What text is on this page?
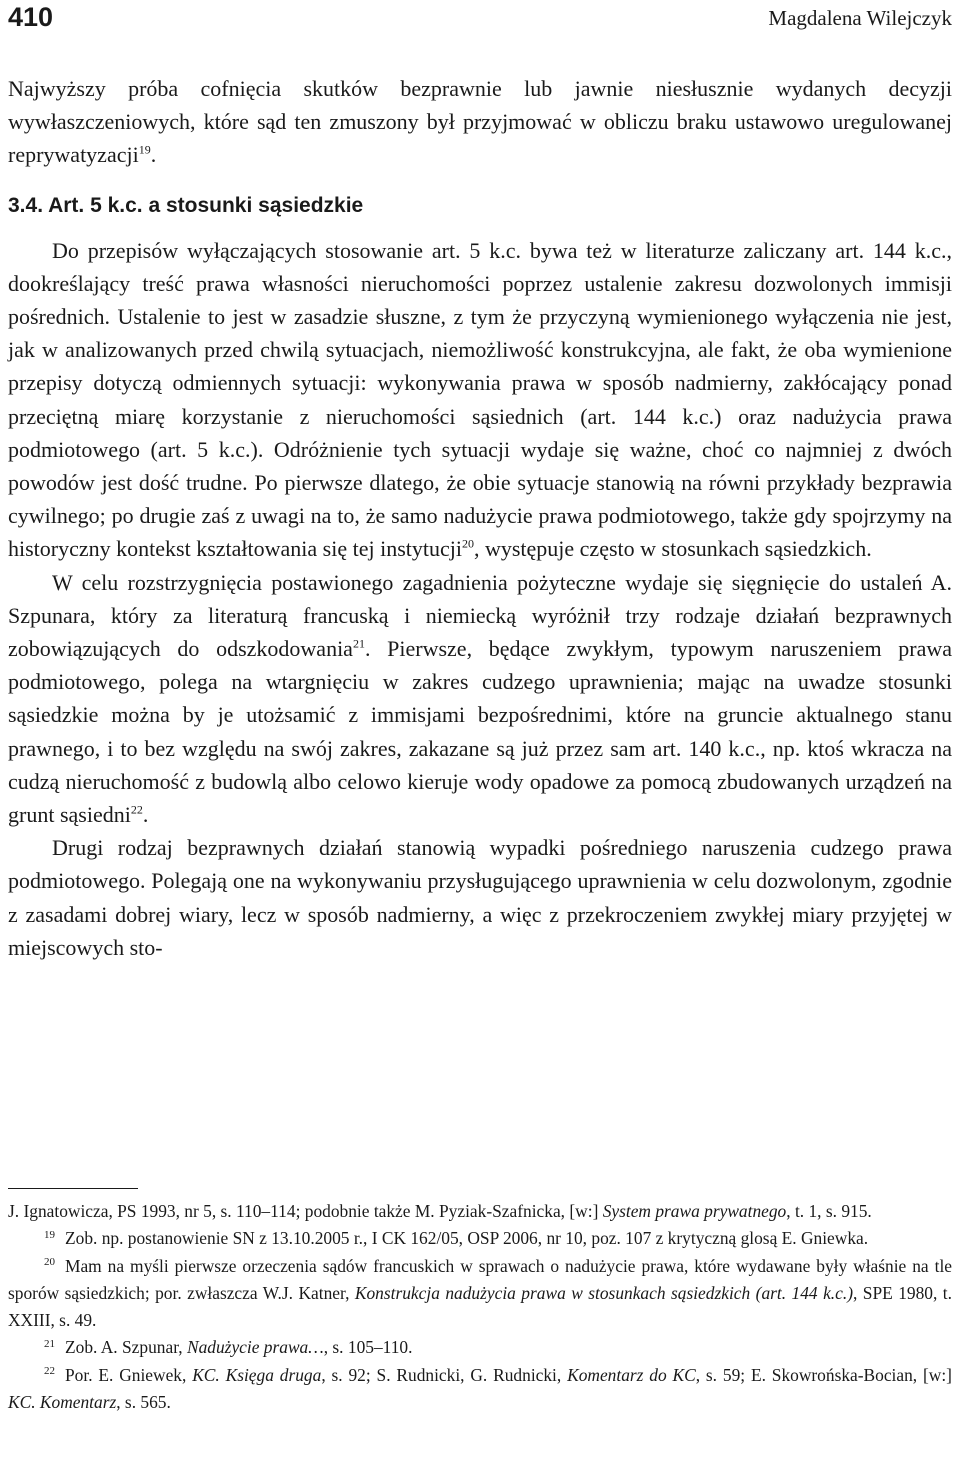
410	Magdalena Wilejczyk

Najwyższy próba cofnięcia skutków bezprawnie lub jawnie niesłusznie wydanych decyzji wywłaszczeniowych, które sąd ten zmuszony był przyjmować w obliczu braku ustawowo uregulowanej reprywatyzacji$^{19}$.

3.4. Art. 5 k.c. a stosunki sąsiedzkie

Do przepisów wyłączających stosowanie art. 5 k.c. bywa też w literaturze zaliczany art. 144 k.c., dookreślający treść prawa własności nieruchomości poprzez ustalenie zakresu dozwolonych immisji pośrednich. Ustalenie to jest w zasadzie słuszne, z tym że przyczyną wymienionego wyłączenia nie jest, jak w analizowanych przed chwilą sytuacjach, niemożliwość konstrukcyjna, ale fakt, że oba wymienione przepisy dotyczą odmiennych sytuacji: wykonywania prawa w sposób nadmierny, zakłócający ponad przeciętną miarę korzystanie z nieruchomości sąsiednich (art. 144 k.c.) oraz nadużycia prawa podmiotowego (art. 5 k.c.). Odróżnienie tych sytuacji wydaje się ważne, choć co najmniej z dwóch powodów jest dość trudne. Po pierwsze dlatego, że obie sytuacje stanowią na równi przykłady bezprawia cywilnego; po drugie zaś z uwagi na to, że samo nadużycie prawa podmiotowego, także gdy spojrzymy na historyczny kontekst kształtowania się tej instytucji$^{20}$, występuje często w stosunkach sąsiedzkich.

W celu rozstrzygnięcia postawionego zagadnienia pożyteczne wydaje się sięgnięcie do ustaleń A. Szpunara, który za literaturą francuską i niemiecką wyróżnił trzy rodzaje działań bezprawnych zobowiązujących do odszkodowania$^{21}$. Pierwsze, będące zwykłym, typowym naruszeniem prawa podmiotowego, polega na wtargnięciu w zakres cudzego uprawnienia; mając na uwadze stosunki sąsiedzkie można by je utożsamić z immisjami bezpośrednimi, które na gruncie aktualnego stanu prawnego, i to bez względu na swój zakres, zakazane są już przez sam art. 140 k.c., np. ktoś wkracza na cudzą nieruchomość z budowlą albo celowo kieruje wody opadowe za pomocą zbudowanych urządzeń na grunt sąsiedni$^{22}$.

Drugi rodzaj bezprawnych działań stanowią wypadki pośredniego naruszenia cudzego prawa podmiotowego. Polegają one na wykonywaniu przysługującego uprawnienia w celu dozwolonym, zgodnie z zasadami dobrej wiary, lecz w sposób nadmierny, a więc z przekroczeniem zwykłej miary przyjętej w miejscowych sto-

J. Ignatowicza, PS 1993, nr 5, s. 110–114; podobnie także M. Pyziak-Szafnicka, [w:] System prawa prywatnego, t. 1, s. 915.

19 Zob. np. postanowienie SN z 13.10.2005 r., I CK 162/05, OSP 2006, nr 10, poz. 107 z krytyczną glosą E. Gniewka.

20 Mam na myśli pierwsze orzeczenia sądów francuskich w sprawach o nadużycie prawa, które wydawane były właśnie na tle sporów sąsiedzkich; por. zwłaszcza W.J. Katner, Konstrukcja nadużycia prawa w stosunkach sąsiedzkich (art. 144 k.c.), SPE 1980, t. XXIII, s. 49.

21 Zob. A. Szpunar, Nadużycie prawa…, s. 105–110.

22 Por. E. Gniewek, KC. Księga druga, s. 92; S. Rudnicki, G. Rudnicki, Komentarz do KC, s. 59; E. Skowrońska-Bocian, [w:] KC. Komentarz, s. 565.
